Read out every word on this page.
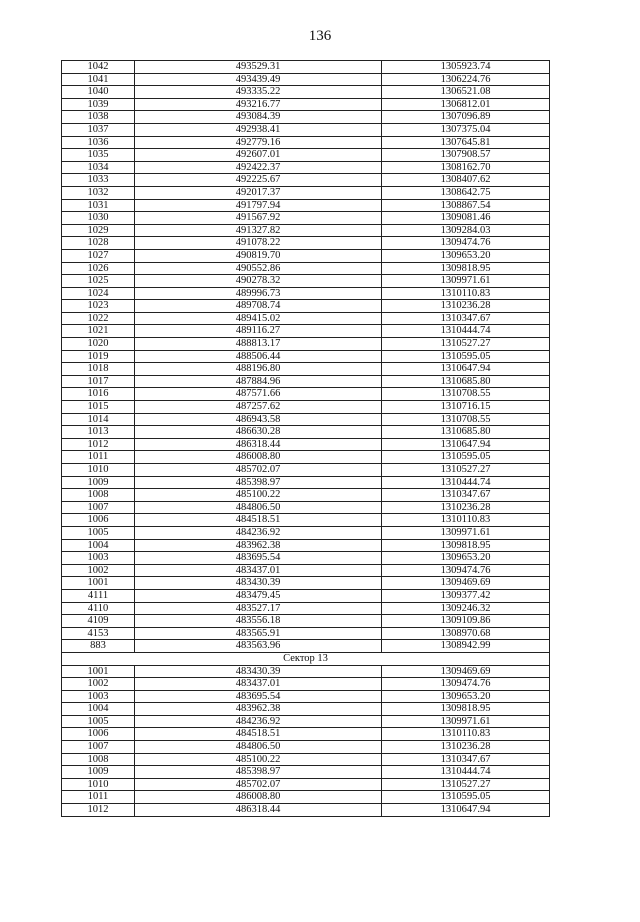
136
1042	493529.31	1305923.74
1041	493439.49	1306224.76
1040	493335.22	1306521.08
1039	493216.77	1306812.01
1038	493084.39	1307096.89
1037	492938.41	1307375.04
1036	492779.16	1307645.81
1035	492607.01	1307908.57
1034	492422.37	1308162.70
1033	492225.67	1308407.62
1032	492017.37	1308642.75
1031	491797.94	1308867.54
1030	491567.92	1309081.46
1029	491327.82	1309284.03
1028	491078.22	1309474.76
1027	490819.70	1309653.20
1026	490552.86	1309818.95
1025	490278.32	1309971.61
1024	489996.73	1310110.83
1023	489708.74	1310236.28
1022	489415.02	1310347.67
1021	489116.27	1310444.74
1020	488813.17	1310527.27
1019	488506.44	1310595.05
1018	488196.80	1310647.94
1017	487884.96	1310685.80
1016	487571.66	1310708.55
1015	487257.62	1310716.15
1014	486943.58	1310708.55
1013	486630.28	1310685.80
1012	486318.44	1310647.94
1011	486008.80	1310595.05
1010	485702.07	1310527.27
1009	485398.97	1310444.74
1008	485100.22	1310347.67
1007	484806.50	1310236.28
1006	484518.51	1310110.83
1005	484236.92	1309971.61
1004	483962.38	1309818.95
1003	483695.54	1309653.20
1002	483437.01	1309474.76
1001	483430.39	1309469.69
4111	483479.45	1309377.42
4110	483527.17	1309246.32
4109	483556.18	1309109.86
4153	483565.91	1308970.68
883	483563.96	1308942.99
Сектор 13		
1001	483430.39	1309469.69
1002	483437.01	1309474.76
1003	483695.54	1309653.20
1004	483962.38	1309818.95
1005	484236.92	1309971.61
1006	484518.51	1310110.83
1007	484806.50	1310236.28
1008	485100.22	1310347.67
1009	485398.97	1310444.74
1010	485702.07	1310527.27
1011	486008.80	1310595.05
1012	486318.44	1310647.94
